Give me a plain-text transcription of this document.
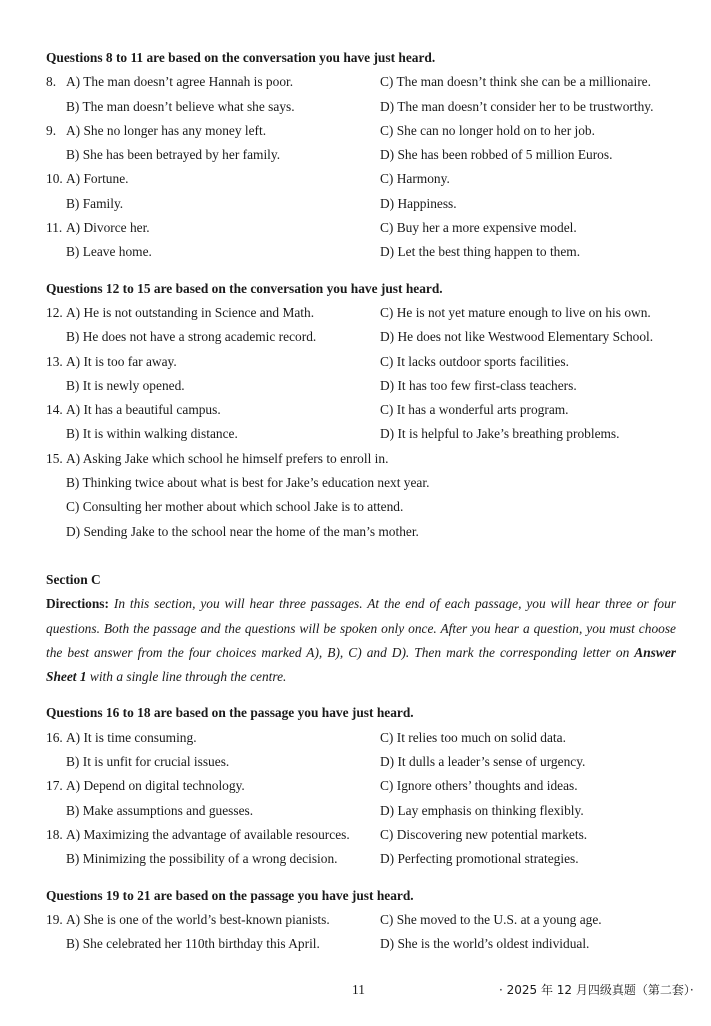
Questions 8 to 11 are based on the conversation you have just heard.
8. A) The man doesn’t agree Hannah is poor.	C) The man doesn’t think she can be a millionaire.
B) The man doesn’t believe what she says.	D) The man doesn’t consider her to be trustworthy.
9. A) She no longer has any money left.	C) She can no longer hold on to her job.
B) She has been betrayed by her family.	D) She has been robbed of 5 million Euros.
10. A) Fortune.	C) Harmony.
B) Family.	D) Happiness.
11. A) Divorce her.	C) Buy her a more expensive model.
B) Leave home.	D) Let the best thing happen to them.
Questions 12 to 15 are based on the conversation you have just heard.
12. A) He is not outstanding in Science and Math.	C) He is not yet mature enough to live on his own.
B) He does not have a strong academic record.	D) He does not like Westwood Elementary School.
13. A) It is too far away.	C) It lacks outdoor sports facilities.
B) It is newly opened.	D) It has too few first-class teachers.
14. A) It has a beautiful campus.	C) It has a wonderful arts program.
B) It is within walking distance.	D) It is helpful to Jake’s breathing problems.
15. A) Asking Jake which school he himself prefers to enroll in.
B) Thinking twice about what is best for Jake’s education next year.
C) Consulting her mother about which school Jake is to attend.
D) Sending Jake to the school near the home of the man’s mother.
Section C
Directions: In this section, you will hear three passages. At the end of each passage, you will hear three or four questions. Both the passage and the questions will be spoken only once. After you hear a question, you must choose the best answer from the four choices marked A), B), C) and D). Then mark the corresponding letter on Answer Sheet 1 with a single line through the centre.
Questions 16 to 18 are based on the passage you have just heard.
16. A) It is time consuming.	C) It relies too much on solid data.
B) It is unfit for crucial issues.	D) It dulls a leader’s sense of urgency.
17. A) Depend on digital technology.	C) Ignore others’ thoughts and ideas.
B) Make assumptions and guesses.	D) Lay emphasis on thinking flexibly.
18. A) Maximizing the advantage of available resources.	C) Discovering new potential markets.
B) Minimizing the possibility of a wrong decision.	D) Perfecting promotional strategies.
Questions 19 to 21 are based on the passage you have just heard.
19. A) She is one of the world’s best-known pianists.	C) She moved to the U.S. at a young age.
B) She celebrated her 110th birthday this April.	D) She is the world’s oldest individual.
11	· 2025 年 12 月四级真题（第二套）·
